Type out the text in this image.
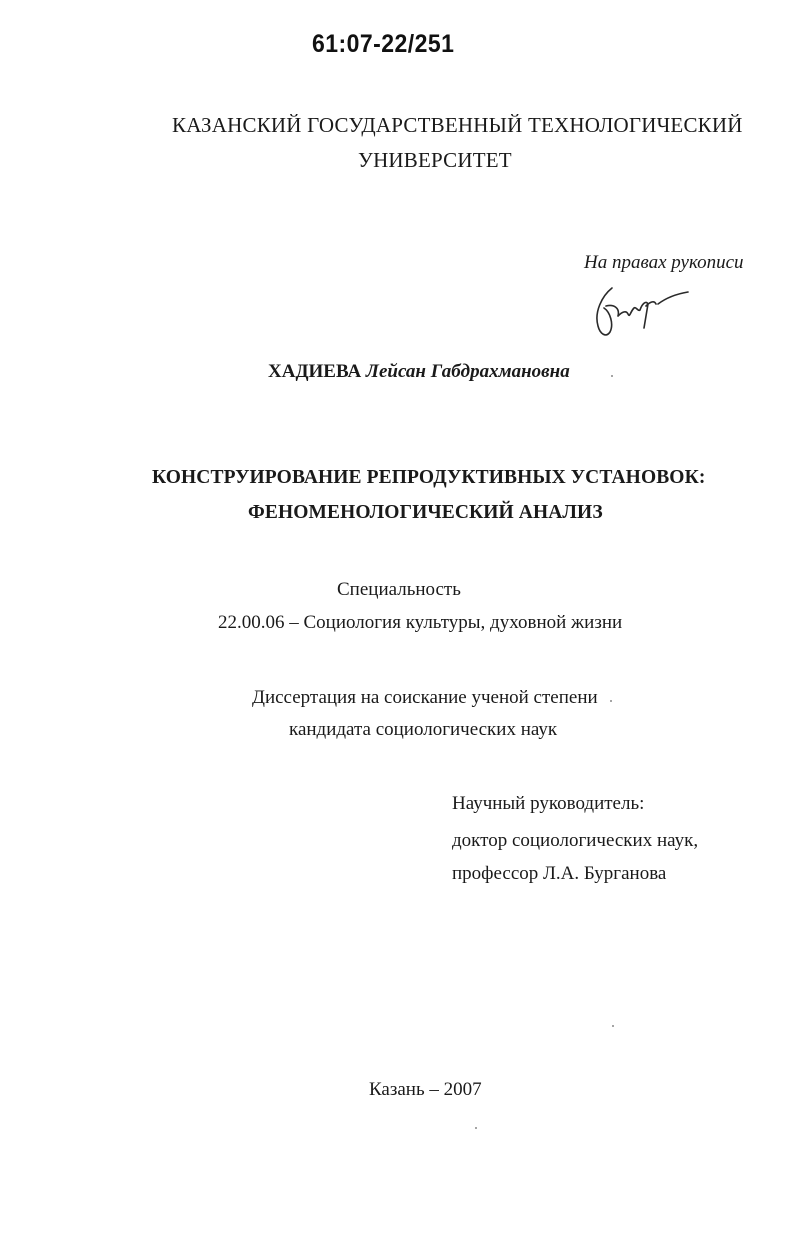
61:07-22/251
КАЗАНСКИЙ ГОСУДАРСТВЕННЫЙ ТЕХНОЛОГИЧЕСКИЙ
УНИВЕРСИТЕТ
На правах рукописи
ХАДИЕВА Лейсан Габдрахмановна
КОНСТРУИРОВАНИЕ РЕПРОДУКТИВНЫХ УСТАНОВОК:
ФЕНОМЕНОЛОГИЧЕСКИЙ АНАЛИЗ
Специальность
22.00.06 – Социология культуры, духовной жизни
Диссертация на соискание ученой степени
кандидата социологических наук
Научный руководитель:
доктор социологических наук,
профессор Л.А. Бурганова
Казань – 2007
